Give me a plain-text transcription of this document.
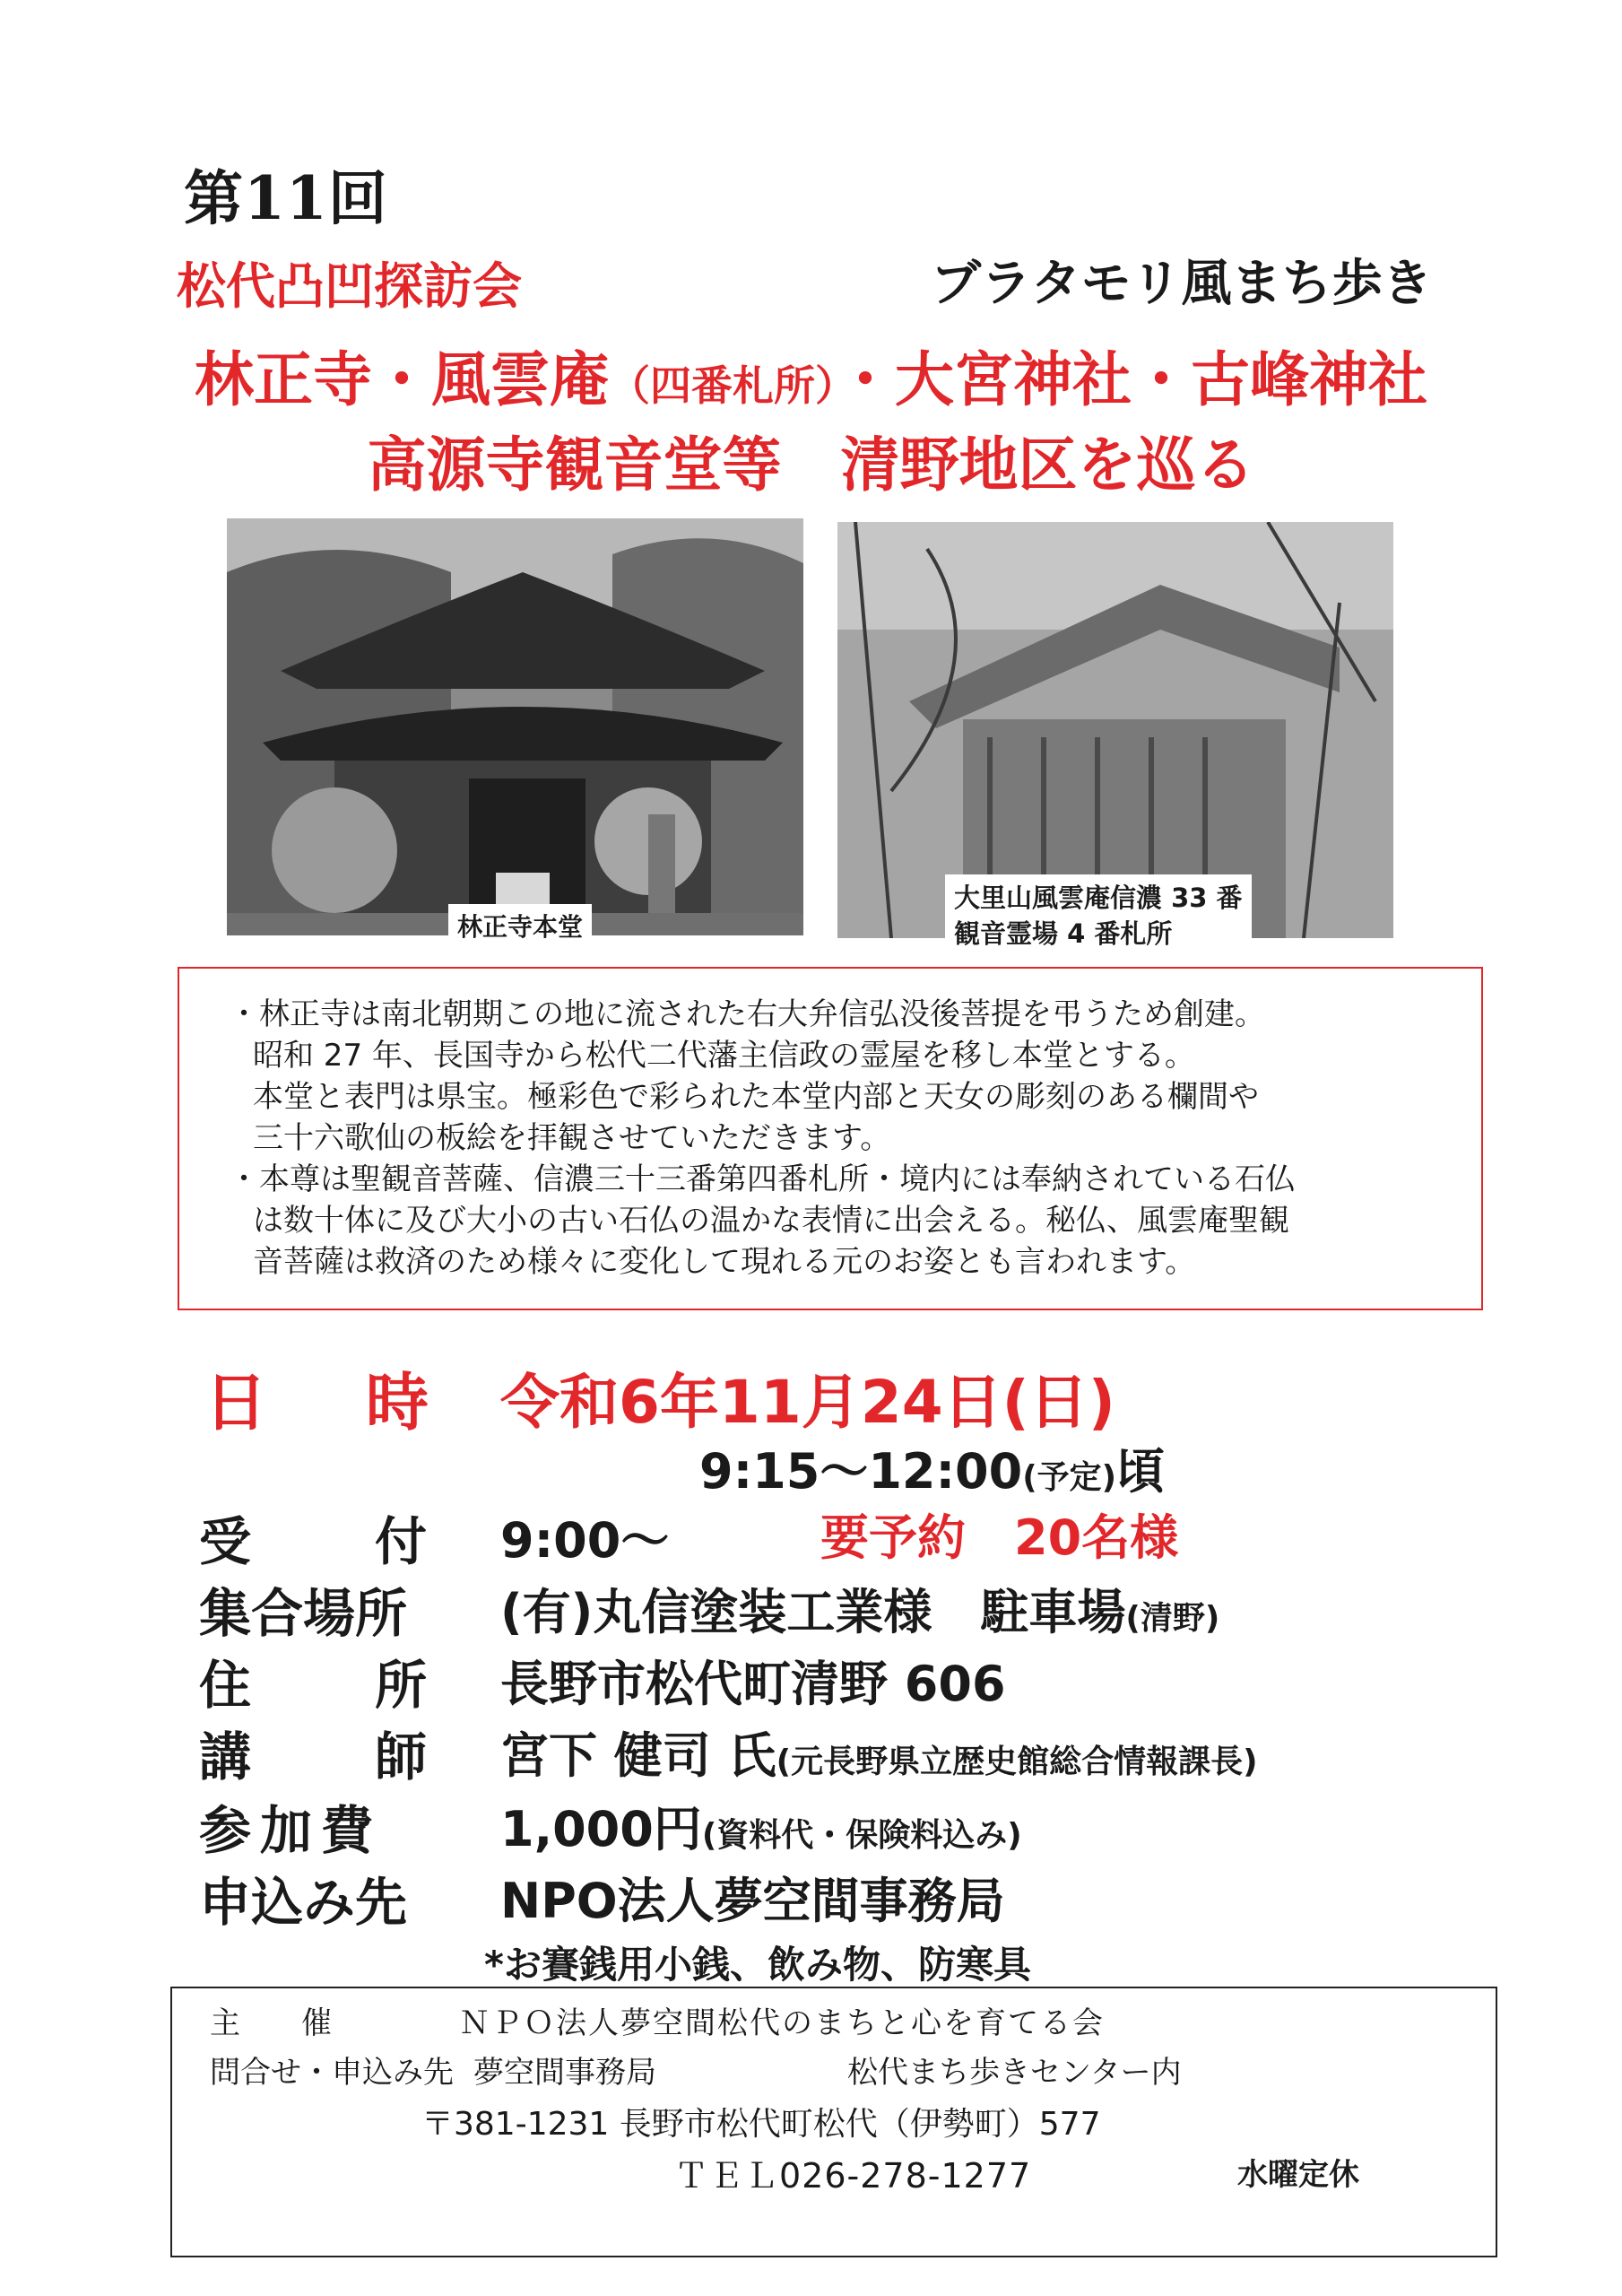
第11回
松代凸凹探訪会	ブラタモリ風まち歩き
林正寺・風雲庵（四番札所）・大宮神社・古峰神社
高源寺観音堂等　清野地区を巡る
林正寺本堂
大里山風雲庵信濃 33 番
観音霊場 4 番札所
・林正寺は南北朝期この地に流された右大弁信弘没後菩提を弔うため創建。
昭和 27 年、長国寺から松代二代藩主信政の霊屋を移し本堂とする。
本堂と表門は県宝。極彩色で彩られた本堂内部と天女の彫刻のある欄間や
三十六歌仙の板絵を拝観させていただきます。
・本尊は聖観音菩薩、信濃三十三番第四番札所・境内には奉納されている石仏
は数十体に及び大小の古い石仏の温かな表情に出会える。秘仏、風雲庵聖観
音菩薩は救済のため様々に変化して現れる元のお姿とも言われます。
日　時 令和6年11月24日(日)
9:15～12:00(予定)頃
受　付 9:00～	要予約　20名様
集合場所 (有)丸信塗装工業様　駐車場(清野)
住　所 長野市松代町清野 606
講　師 宮下 健司 氏(元長野県立歴史館総合情報課長)
参加費 1,000円(資料代・保険料込み)
申込み先 NPO法人夢空間事務局
*お賽銭用小銭、飲み物、防寒具
主　　催	ＮＰＯ法人夢空間松代のまちと心を育てる会
問合せ・申込み先 夢空間事務局	松代まち歩きセンター内
〒381-1231 長野市松代町松代（伊勢町）577
ＴＥＬ026-278-1277	水曜定休
